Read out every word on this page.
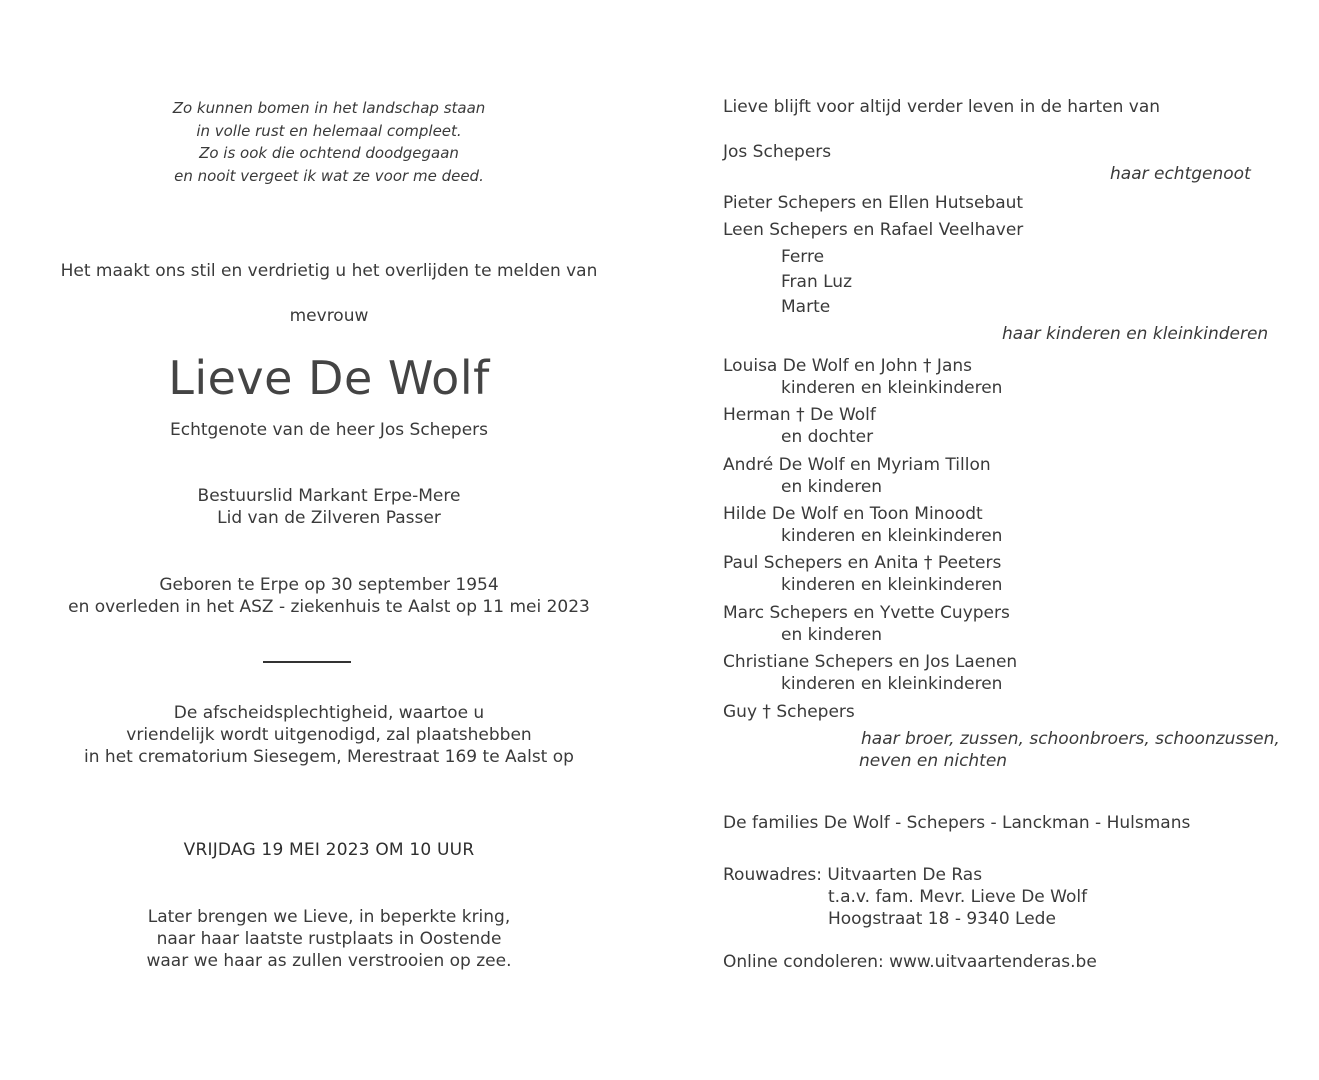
Zo kunnen bomen in het landschap staan
in volle rust en helemaal compleet.
Zo is ook die ochtend doodgegaan
en nooit vergeet ik wat ze voor me deed.
Het maakt ons stil en verdrietig u het overlijden te melden van
mevrouw
Lieve De Wolf
Echtgenote van de heer Jos Schepers
Bestuurslid Markant Erpe-Mere
Lid van de Zilveren Passer
Geboren te Erpe op 30 september 1954
en overleden in het ASZ - ziekenhuis te Aalst op 11 mei 2023
De afscheidsplechtigheid, waartoe u
vriendelijk wordt uitgenodigd, zal plaatshebben
in het crematorium Siesegem, Merestraat 169 te Aalst op
VRIJDAG 19 MEI 2023 OM 10 UUR
Later brengen we Lieve, in beperkte kring,
naar haar laatste rustplaats in Oostende
waar we haar as zullen verstrooien op zee.
Lieve blijft voor altijd verder leven in de harten van
Jos Schepers
haar echtgenoot
Pieter Schepers en Ellen Hutsebaut
Leen Schepers en Rafael Veelhaver
Ferre
Fran Luz
Marte
haar kinderen en kleinkinderen
Louisa De Wolf en John † Jans
kinderen en kleinkinderen
Herman † De Wolf
en dochter
André De Wolf en Myriam Tillon
en kinderen
Hilde De Wolf en Toon Minoodt
kinderen en kleinkinderen
Paul Schepers en Anita † Peeters
kinderen en kleinkinderen
Marc Schepers en Yvette Cuypers
en kinderen
Christiane Schepers en Jos Laenen
kinderen en kleinkinderen
Guy † Schepers
haar broer, zussen, schoonbroers, schoonzussen,
neven en nichten
De families De Wolf - Schepers - Lanckman - Hulsmans
Rouwadres: Uitvaarten De Ras
t.a.v. fam. Mevr. Lieve De Wolf
Hoogstraat 18 - 9340 Lede
Online condoleren: www.uitvaartenderas.be
